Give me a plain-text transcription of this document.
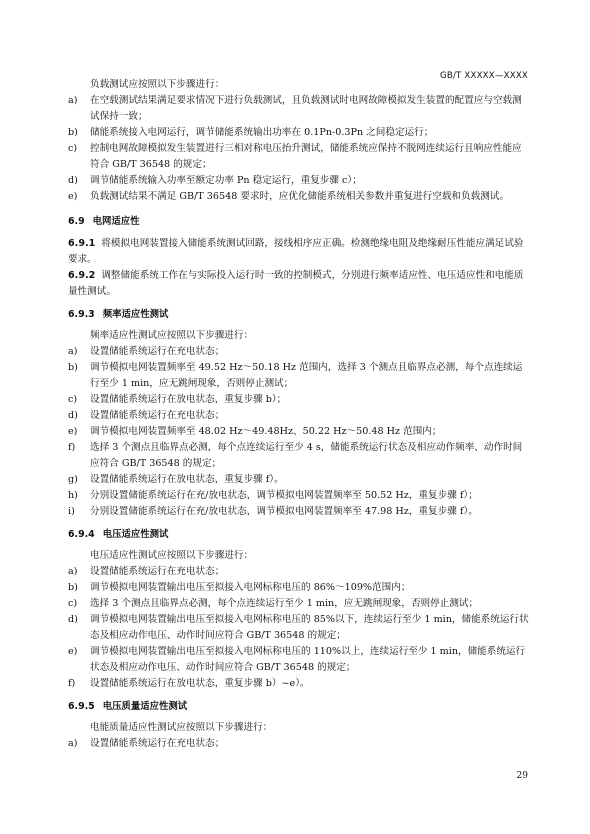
GB/T XXXXX—XXXX

负载测试应按照以下步骤进行：

a)	在空载测试结果满足要求情况下进行负载测试，且负载测试时电网故障模拟发生装置的配置应与空载测试保持一致；
b)	储能系统接入电网运行，调节储能系统输出功率在 0.1Pn-0.3Pn 之间稳定运行；
c)	控制电网故障模拟发生装置进行三相对称电压抬升测试，储能系统应保持不脱网连续运行且响应性能应符合 GB/T 36548 的规定；
d)	调节储能系统输入功率至额定功率 Pn 稳定运行，重复步骤 c）；
e)	负载测试结果不满足 GB/T 36548 要求时，应优化储能系统相关参数并重复进行空载和负载测试。
6.9 电网适应性

6.9.1 将模拟电网装置接入储能系统测试回路，接线相序应正确。检测绝缘电阻及绝缘耐压性能应满足试验要求。

6.9.2 调整储能系统工作在与实际投入运行时一致的控制模式，分别进行频率适应性、电压适应性和电能质量性测试。

6.9.3 频率适应性测试

频率适应性测试应按照以下步骤进行：

a)	设置储能系统运行在充电状态；
b)	调节模拟电网装置频率至 49.52 Hz～50.18 Hz 范围内，选择 3 个测点且临界点必测，每个点连续运行至少 1 min，应无跳闸现象，否则停止测试；
c)	设置储能系统运行在放电状态，重复步骤 b）；
d)	设置储能系统运行在充电状态；
e)	调节模拟电网装置频率至 48.02 Hz～49.48Hz、50.22 Hz～50.48 Hz 范围内；
f)	选择 3 个测点且临界点必测，每个点连续运行至少 4 s，储能系统运行状态及相应动作频率、动作时间应符合 GB/T 36548 的规定；
g)	设置储能系统运行在放电状态，重复步骤 f）。
h)	分别设置储能系统运行在充/放电状态，调节模拟电网装置频率至 50.52 Hz，重复步骤 f）；
i)	分别设置储能系统运行在充/放电状态，调节模拟电网装置频率至 47.98 Hz，重复步骤 f）。
6.9.4 电压适应性测试

电压适应性测试应按照以下步骤进行：

a)	设置储能系统运行在充电状态；
b)	调节模拟电网装置输出电压至拟接入电网标称电压的 86%～109%范围内；
c)	选择 3 个测点且临界点必测，每个点连续运行至少 1 min，应无跳闸现象，否则停止测试；
d)	调节模拟电网装置输出电压至拟接入电网标称电压的 85%以下，连续运行至少 1 min，储能系统运行状态及相应动作电压、动作时间应符合 GB/T 36548 的规定；
e)	调节模拟电网装置输出电压至拟接入电网标称电压的 110%以上，连续运行至少 1 min，储能系统运行状态及相应动作电压、动作时间应符合 GB/T 36548 的规定；
f)	设置储能系统运行在放电状态，重复步骤 b）~e）。
6.9.5 电压质量适应性测试

电能质量适应性测试应按照以下步骤进行：

a)	设置储能系统运行在充电状态；
29
